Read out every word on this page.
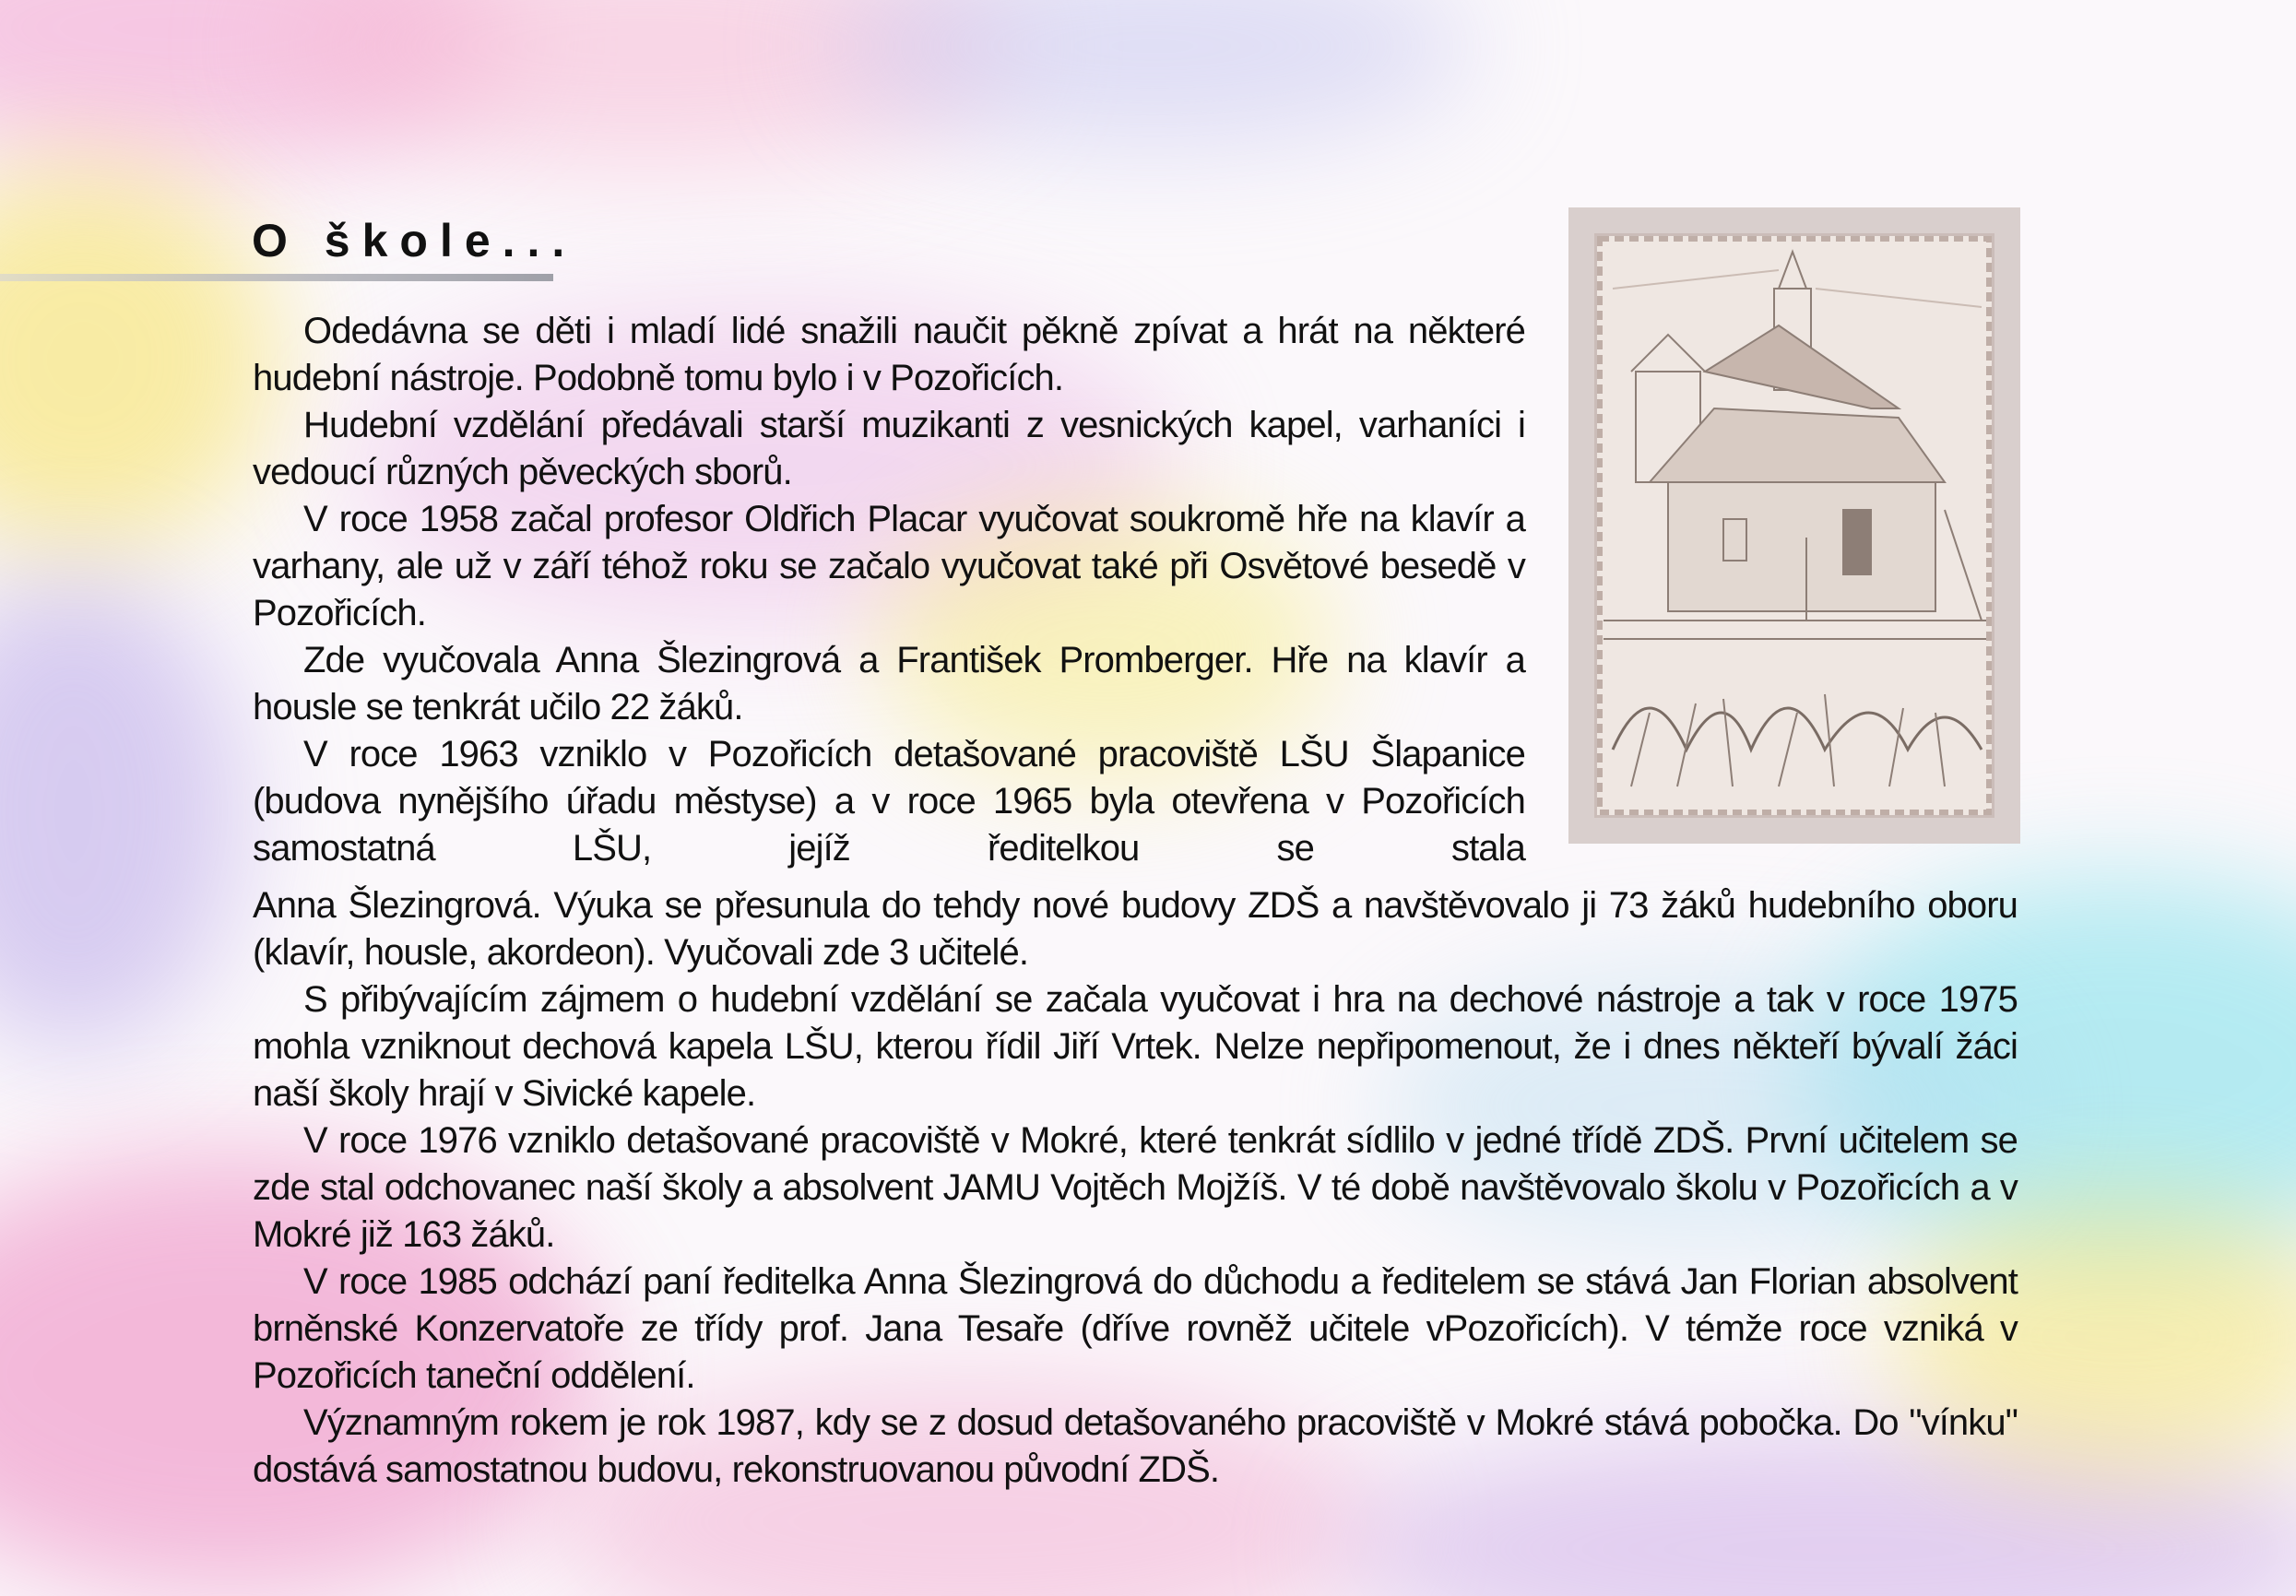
O škole...

Odedávna se děti i mladí lidé snažili naučit pěkně zpívat a hrát na některé hudební nástroje. Podobně tomu bylo i v Pozořicích.

Hudební vzdělání předávali starší muzikanti z vesnických kapel, varhaníci i vedoucí různých pěveckých sborů.

V roce 1958 začal profesor Oldřich Placar vyučovat soukromě hře na klavír a varhany, ale už v září téhož roku se začalo vyučovat také při Osvětové besedě v Pozořicích.

Zde vyučovala Anna Šlezingrová a František Promberger. Hře na klavír a housle se tenkrát učilo 22 žáků.

V roce 1963 vzniklo v Pozořicích detašované pracoviště LŠU Šlapanice (budova nynějšího úřadu městyse) a v roce 1965 byla otevřena v Pozořicích samostatná LŠU, jejíž ředitelkou se stala

Anna Šlezingrová. Výuka se přesunula do tehdy nové budovy ZDŠ a navštěvovalo ji 73 žáků hudebního oboru (klavír, housle, akordeon). Vyučovali zde 3 učitelé.

S přibývajícím zájmem o hudební vzdělání se začala vyučovat i hra na dechové nástroje a tak v roce 1975 mohla vzniknout dechová kapela LŠU, kterou řídil Jiří Vrtek. Nelze nepřipomenout, že i dnes někteří bývalí žáci naší školy hrají v Sivické kapele.

V roce 1976 vzniklo detašované pracoviště v Mokré, které tenkrát sídlilo v jedné třídě ZDŠ. První učitelem se zde stal odchovanec naší školy a absolvent JAMU Vojtěch Mojžíš. V té době navštěvovalo školu v Pozořicích a v Mokré již 163 žáků.

V roce 1985 odchází paní ředitelka Anna Šlezingrová do důchodu a ředitelem se stává Jan Florian absolvent brněnské Konzervatoře ze třídy prof. Jana Tesaře (dříve rovněž učitele vPozořicích). V témže roce vzniká v Pozořicích taneční oddělení.

Významným rokem je rok 1987, kdy se z dosud detašovaného pracoviště v Mokré stává pobočka. Do "vínku" dostává samostatnou budovu, rekonstruovanou původní ZDŠ.
